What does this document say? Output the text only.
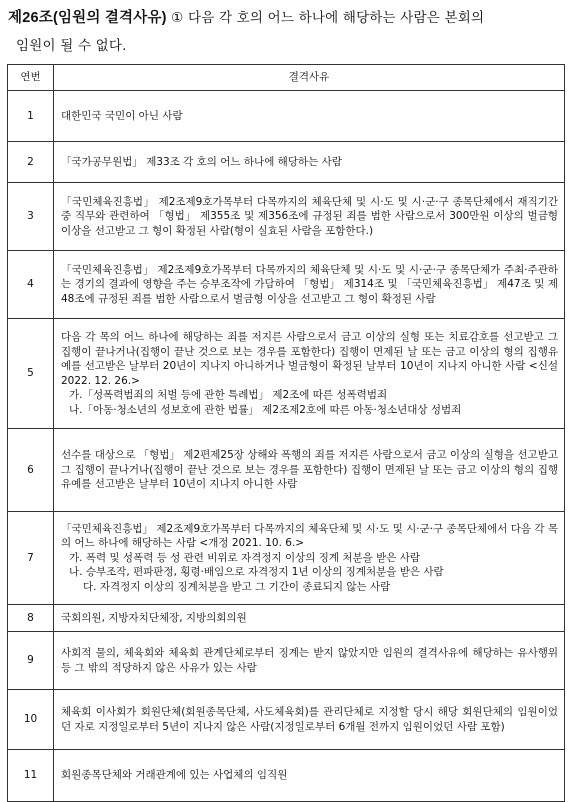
제26조(임원의 결격사유) ① 다음 각 호의 어느 하나에 해당하는 사람은 본회의
임원이 될 수 없다.
연번	결격사유
1	대한민국 국민이 아닌 사람

2	「국가공무원법」 제33조 각 호의 어느 하나에 해당하는 사람

3	「국민체육진흥법」 제2조제9호가목부터 다목까지의 체육단체 및 시·도 및 시·군·구 종목단체에서 재직기간 중 직무와 관련하여 「형법」 제355조 및 제356조에 규정된 죄를 범한 사람으로서 300만원 이상의 벌금형이상을 선고받고 그 형이 확정된 사람(형이 실효된 사람을 포함한다.)

4	「국민체육진흥법」 제2조제9호가목부터 다목까지의 체육단체 및 시·도 및 시·군·구 종목단체가 주최·주관하는 경기의 결과에 영향을 주는 승부조작에 가담하여 「형법」 제314조 및 「국민체육진흥법」 제47조 및 제48조에 규정된 죄를 범한 사람으로서 벌금형 이상을 선고받고 그 형이 확정된 사람

5	다음 각 목의 어느 하나에 해당하는 죄를 저지른 사람으로서 금고 이상의 실형 또는 치료감호를 선고받고 그 집행이 끝나거나(집행이 끝난 것으로 보는 경우를 포함한다) 집행이 면제된 날 또는 금고 이상의 형의 집행유예를 선고받은 날부터 20년이 지나지 아니하거나 벌금형이 확정된 날부터 10년이 지나지 아니한 사람 <신설 2022. 12. 26.>
가.「성폭력범죄의 처벌 등에 관한 특례법」 제2조에 따른 성폭력범죄
나.「아동·청소년의 성보호에 관한 법률」 제2조제2호에 따른 아동·청소년대상 성범죄

6	선수를 대상으로 「형법」 제2편제25장 상해와 폭행의 죄를 저지른 사람으로서 금고 이상의 실형을 선고받고 그 집행이 끝나거나(집행이 끝난 것으로 보는 경우를 포함한다) 집행이 면제된 날 또는 금고 이상의 형의 집행유예를 선고받은 날부터 10년이 지나지 아니한 사람

7	「국민체육진흥법」 제2조제9호가목부터 다목까지의 체육단체 및 시·도 및 시·군·구 종목단체에서 다음 각 목의 어느 하나에 해당하는 사람 <개정 2021. 10. 6.>
가. 폭력 및 성폭력 등 성 관련 비위로 자격정지 이상의 징계 처분을 받은 사람
나. 승부조작, 편파판정, 횡령·배임으로 자격정지 1년 이상의 징계처분을 받은 사람
다. 자격정지 이상의 징계처분을 받고 그 기간이 종료되지 않는 사람

8	국회의원, 지방자치단체장, 지방의회의원

9	사회적 물의, 체육회와 체육회 관계단체로부터 징계는 받지 않았지만 임원의 결격사유에 해당하는 유사행위 등 그 밖의 적당하지 않은 사유가 있는 사람

10	체육회 이사회가 회원단체(회원종목단체, 사도체육회)를 관리단체로 지정할 당시 해당 회원단체의 임원이었던 자로 지정일로부터 5년이 지나지 않은 사람(지정일로부터 6개월 전까지 임원이었던 사람 포함)

11	회원종목단체와 거래관계에 있는 사업체의 임직원
